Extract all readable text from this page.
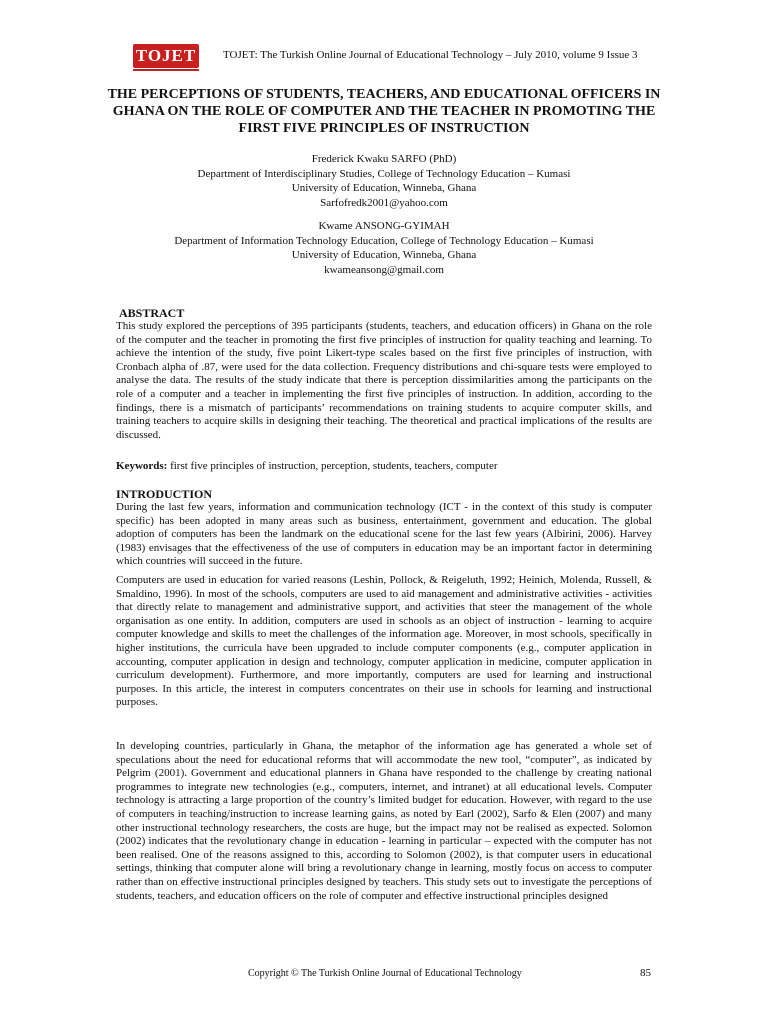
TOJET TOJET: The Turkish Online Journal of Educational Technology – July 2010, volume 9 Issue 3
THE PERCEPTIONS OF STUDENTS, TEACHERS, AND EDUCATIONAL OFFICERS IN GHANA ON THE ROLE OF COMPUTER AND THE TEACHER IN PROMOTING THE FIRST FIVE PRINCIPLES OF INSTRUCTION
Frederick Kwaku SARFO (PhD)
Department of Interdisciplinary Studies, College of Technology Education – Kumasi
University of Education, Winneba, Ghana
Sarfofredk2001@yahoo.com
Kwame ANSONG-GYIMAH
Department of Information Technology Education, College of Technology Education – Kumasi
University of Education, Winneba, Ghana
kwameansong@gmail.com
ABSTRACT

This study explored the perceptions of 395 participants (students, teachers, and education officers) in Ghana on the role of the computer and the teacher in promoting the first five principles of instruction for quality teaching and learning. To achieve the intention of the study, five point Likert-type scales based on the first five principles of instruction, with Cronbach alpha of .87, were used for the data collection. Frequency distributions and chi-square tests were employed to analyse the data. The results of the study indicate that there is perception dissimilarities among the participants on the role of a computer and a teacher in implementing the first five principles of instruction. In addition, according to the findings, there is a mismatch of participants’ recommendations on training students to acquire computer skills, and training teachers to acquire skills in designing their teaching. The theoretical and practical implications of the results are discussed.

Keywords: first five principles of instruction, perception, students, teachers, computer
INTRODUCTION

During the last few years, information and communication technology (ICT - in the context of this study is computer specific) has been adopted in many areas such as business, entertainment, government and education. The global adoption of computers has been the landmark on the educational scene for the last few years (Albirini, 2006). Harvey (1983) envisages that the effectiveness of the use of computers in education may be an important factor in determining which countries will succeed in the future.

Computers are used in education for varied reasons (Leshin, Pollock, & Reigeluth, 1992; Heinich, Molenda, Russell, & Smaldino, 1996). In most of the schools, computers are used to aid management and administrative activities - activities that directly relate to management and administrative support, and activities that steer the management of the whole organisation as one entity. In addition, computers are used in schools as an object of instruction - learning to acquire computer knowledge and skills to meet the challenges of the information age. Moreover, in most schools, specifically in higher institutions, the curricula have been upgraded to include computer components (e.g., computer application in accounting, computer application in design and technology, computer application in medicine, computer application in curriculum development). Furthermore, and more importantly, computers are used for learning and instructional purposes. In this article, the interest in computers concentrates on their use in schools for learning and instructional purposes.

In developing countries, particularly in Ghana, the metaphor of the information age has generated a whole set of speculations about the need for educational reforms that will accommodate the new tool, “computer”, as indicated by Pelgrim (2001). Government and educational planners in Ghana have responded to the challenge by creating national programmes to integrate new technologies (e.g., computers, internet, and intranet) at all educational levels. Computer technology is attracting a large proportion of the country’s limited budget for education. However, with regard to the use of computers in teaching/instruction to increase learning gains, as noted by Earl (2002), Sarfo & Elen (2007) and many other instructional technology researchers, the costs are huge, but the impact may not be realised as expected. Solomon (2002) indicates that the revolutionary change in education - learning in particular – expected with the computer has not been realised. One of the reasons assigned to this, according to Solomon (2002), is that computer users in educational settings, thinking that computer alone will bring a revolutionary change in learning, mostly focus on access to computer rather than on effective instructional principles designed by teachers. This study sets out to investigate the perceptions of students, teachers, and education officers on the role of computer and effective instructional principles designed

Copyright © The Turkish Online Journal of Educational Technology	85
